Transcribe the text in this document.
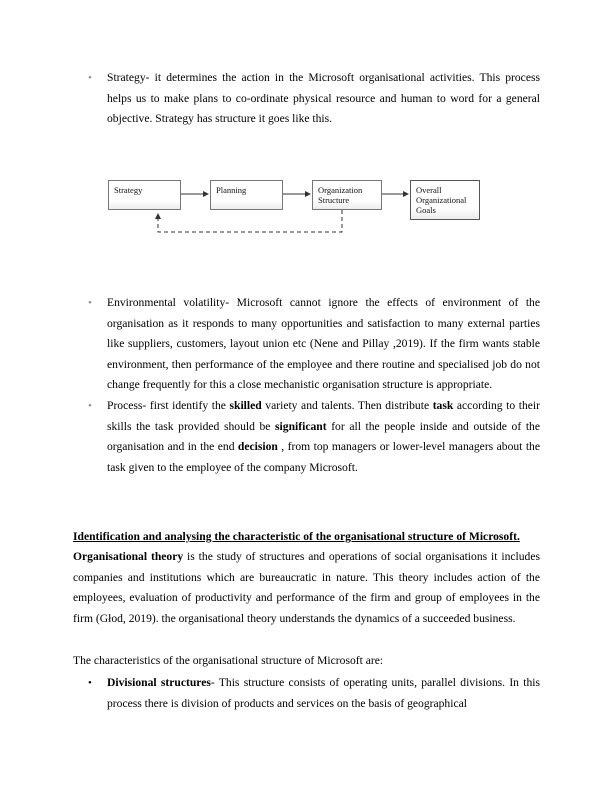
• Strategy- it determines the action in the Microsoft organisational activities. This process helps us to make plans to co-ordinate physical resource and human to word for a general objective. Strategy has structure it goes like this.
Strategy	Planning	Organization
Structure
Overall
Organizational
Goals
• Environmental volatility- Microsoft cannot ignore the effects of environment of the organisation as it responds to many opportunities and satisfaction to many external parties like suppliers, customers, layout union etc (Nene and Pillay ,2019). If the firm wants stable environment, then performance of the employee and there routine and specialised job do not change frequently for this a close mechanistic organisation structure is appropriate.
• Process- first identify the skilled variety and talents. Then distribute task according to their skills the task provided should be significant for all the people inside and outside of the organisation and in the end decision , from top managers or lower-level managers about the task given to the employee of the company Microsoft.
Identification and analysing the characteristic of the organisational structure of Microsoft.
Organisational theory is the study of structures and operations of social organisations it includes companies and institutions which are bureaucratic in nature. This theory includes action of the employees, evaluation of productivity and performance of the firm and group of employees in the firm (Głod, 2019). the organisational theory understands the dynamics of a succeeded business.
The characteristics of the organisational structure of Microsoft are:
• Divisional structures- This structure consists of operating units, parallel divisions. In this process there is division of products and services on the basis of geographical
